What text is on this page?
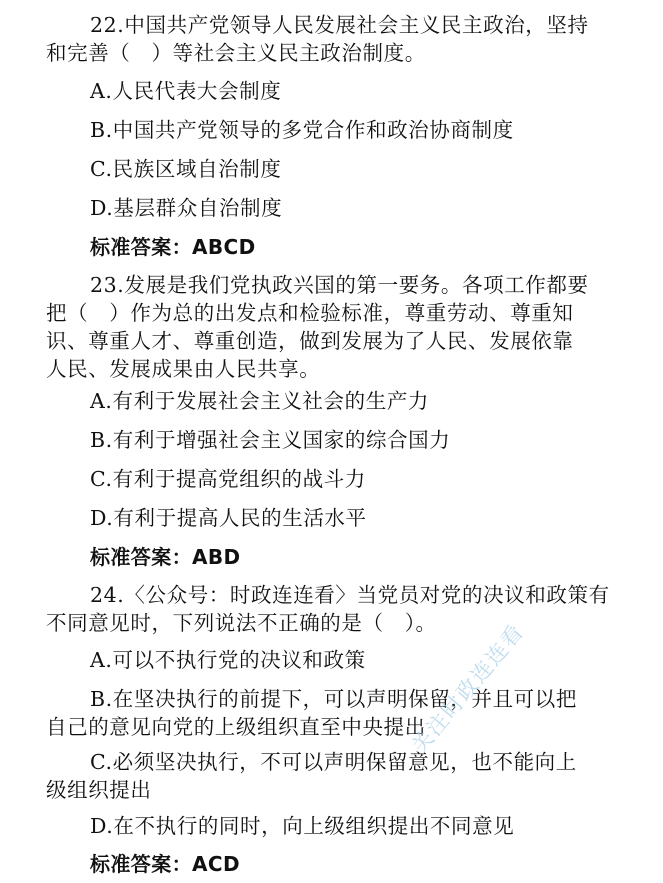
22.中国共产党领导人民发展社会主义民主政治，坚持
和完善（　）等社会主义民主政治制度。
A.人民代表大会制度
B.中国共产党领导的多党合作和政治协商制度
C.民族区域自治制度
D.基层群众自治制度
标准答案：ABCD
23.发展是我们党执政兴国的第一要务。各项工作都要
把（　）作为总的出发点和检验标准，尊重劳动、尊重知
识、尊重人才、尊重创造，做到发展为了人民、发展依靠
人民、发展成果由人民共享。
A.有利于发展社会主义社会的生产力
B.有利于增强社会主义国家的综合国力
C.有利于提高党组织的战斗力
D.有利于提高人民的生活水平
标准答案：ABD
24.〈公众号：时政连连看〉当党员对党的决议和政策有
不同意见时，下列说法不正确的是（　）。
A.可以不执行党的决议和政策
B.在坚决执行的前提下，可以声明保留，并且可以把
自己的意见向党的上级组织直至中央提出
C.必须坚决执行，不可以声明保留意见，也不能向上
级组织提出
D.在不执行的同时，向上级组织提出不同意见
标准答案：ACD
关注时政连连看
